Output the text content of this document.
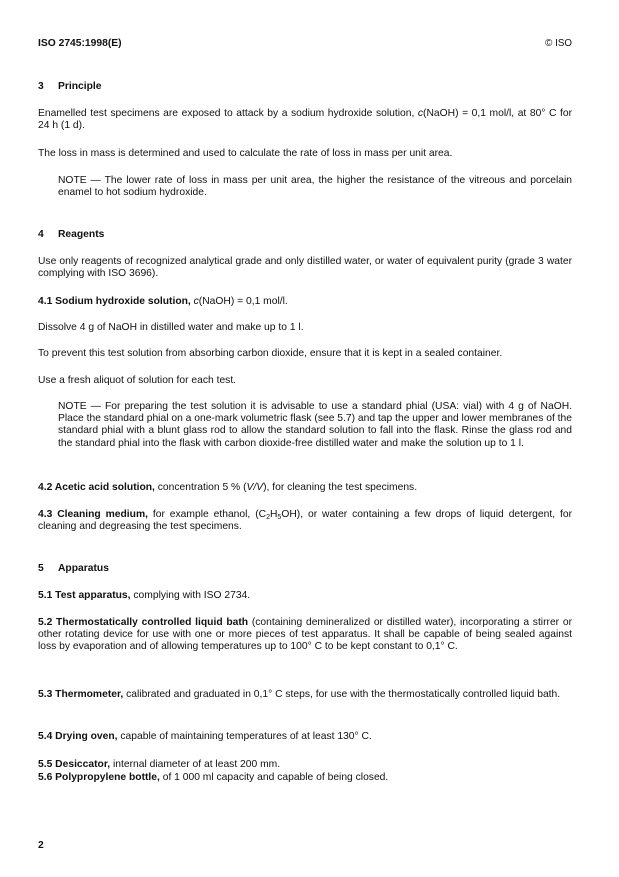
ISO 2745:1998(E)	© ISO
3 Principle

Enamelled test specimens are exposed to attack by a sodium hydroxide solution, c(NaOH) = 0,1 mol/l, at 80° C for 24 h (1 d).

The loss in mass is determined and used to calculate the rate of loss in mass per unit area.

NOTE — The lower rate of loss in mass per unit area, the higher the resistance of the vitreous and porcelain enamel to hot sodium hydroxide.

4 Reagents

Use only reagents of recognized analytical grade and only distilled water, or water of equivalent purity (grade 3 water complying with ISO 3696).

4.1 Sodium hydroxide solution, c(NaOH) = 0,1 mol/l.

Dissolve 4 g of NaOH in distilled water and make up to 1 l.

To prevent this test solution from absorbing carbon dioxide, ensure that it is kept in a sealed container.

Use a fresh aliquot of solution for each test.

NOTE — For preparing the test solution it is advisable to use a standard phial (USA: vial) with 4 g of NaOH. Place the standard phial on a one-mark volumetric flask (see 5.7) and tap the upper and lower membranes of the standard phial with a blunt glass rod to allow the standard solution to fall into the flask. Rinse the glass rod and the standard phial into the flask with carbon dioxide-free distilled water and make the solution up to 1 l.

4.2 Acetic acid solution, concentration 5 % (V/V), for cleaning the test specimens.

4.3 Cleaning medium, for example ethanol, $(C_2H_5OH)$, or water containing a few drops of liquid detergent, for cleaning and degreasing the test specimens.

5 Apparatus

5.1 Test apparatus, complying with ISO 2734.

5.2 Thermostatically controlled liquid bath (containing demineralized or distilled water), incorporating a stirrer or other rotating device for use with one or more pieces of test apparatus. It shall be capable of being sealed against loss by evaporation and of allowing temperatures up to 100° C to be kept constant to 0,1° C.

5.3 Thermometer, calibrated and graduated in 0,1° C steps, for use with the thermostatically controlled liquid bath.

5.4 Drying oven, capable of maintaining temperatures of at least 130° C.

5.5 Desiccator, internal diameter of at least 200 mm.

5.6 Polypropylene bottle, of 1 000 ml capacity and capable of being closed.

2
